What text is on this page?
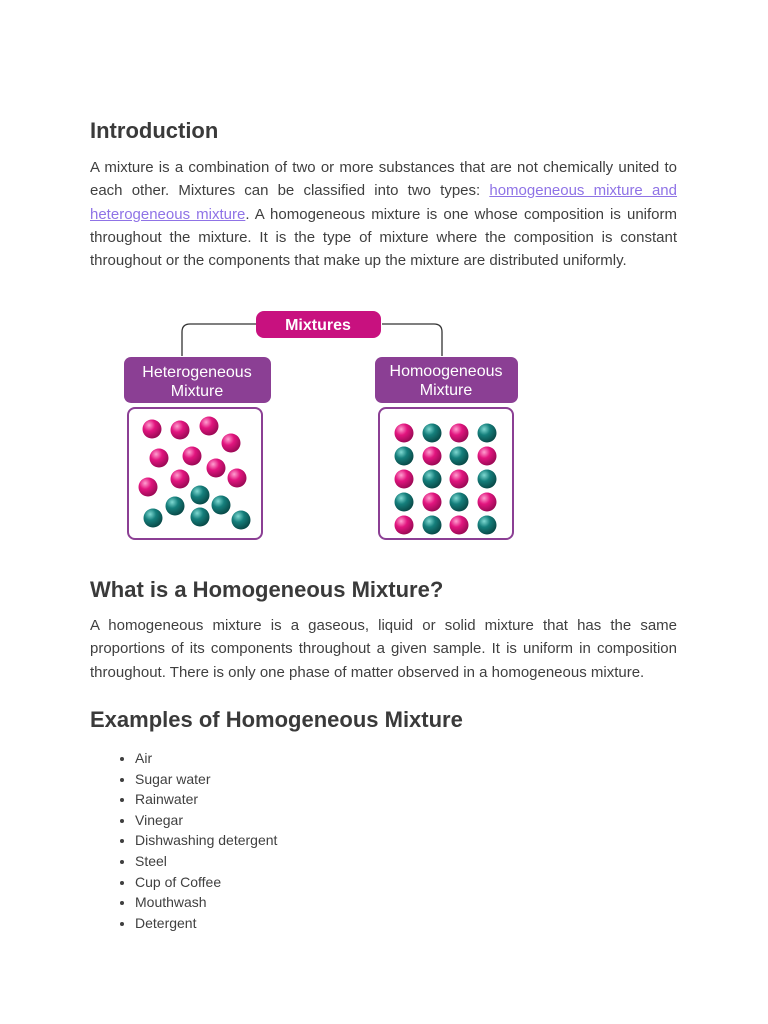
Introduction

A mixture is a combination of two or more substances that are not chemically united to each other. Mixtures can be classified into two types: homogeneous mixture and heterogeneous mixture. A homogeneous mixture is one whose composition is uniform throughout the mixture. It is the type of mixture where the composition is constant throughout or the components that make up the mixture are distributed uniformly.

What is a Homogeneous Mixture?

A homogeneous mixture is a gaseous, liquid or solid mixture that has the same proportions of its components throughout a given sample. It is uniform in composition throughout. There is only one phase of matter observed in a homogeneous mixture.

Examples of Homogeneous Mixture
• Air
• Sugar water
• Rainwater
• Vinegar
• Dishwashing detergent
• Steel
• Cup of Coffee
• Mouthwash
• Detergent
Mixtures
Heterogeneous
Mixture
Homoogeneous
Mixture
